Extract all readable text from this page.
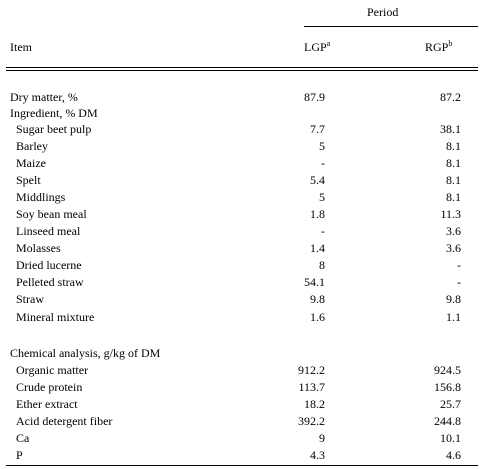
Period
Item	LGP$^a$	RGP$^b$
Dry matter, %	87.9	87.2
Ingredient, % DM
Sugar beet pulp	7.7	38.1
Barley	5	8.1
Maize	-	8.1
Spelt	5.4	8.1
Middlings	5	8.1
Soy bean meal	1.8	11.3
Linseed meal	-	3.6
Molasses	1.4	3.6
Dried lucerne	8	-
Pelleted straw	54.1	-
Straw	9.8	9.8
Mineral mixture	1.6	1.1
Chemical analysis, g/kg of DM
Organic matter	912.2	924.5
Crude protein	113.7	156.8
Ether extract	18.2	25.7
Acid detergent fiber	392.2	244.8
Ca	9	10.1
P	4.3	4.6
